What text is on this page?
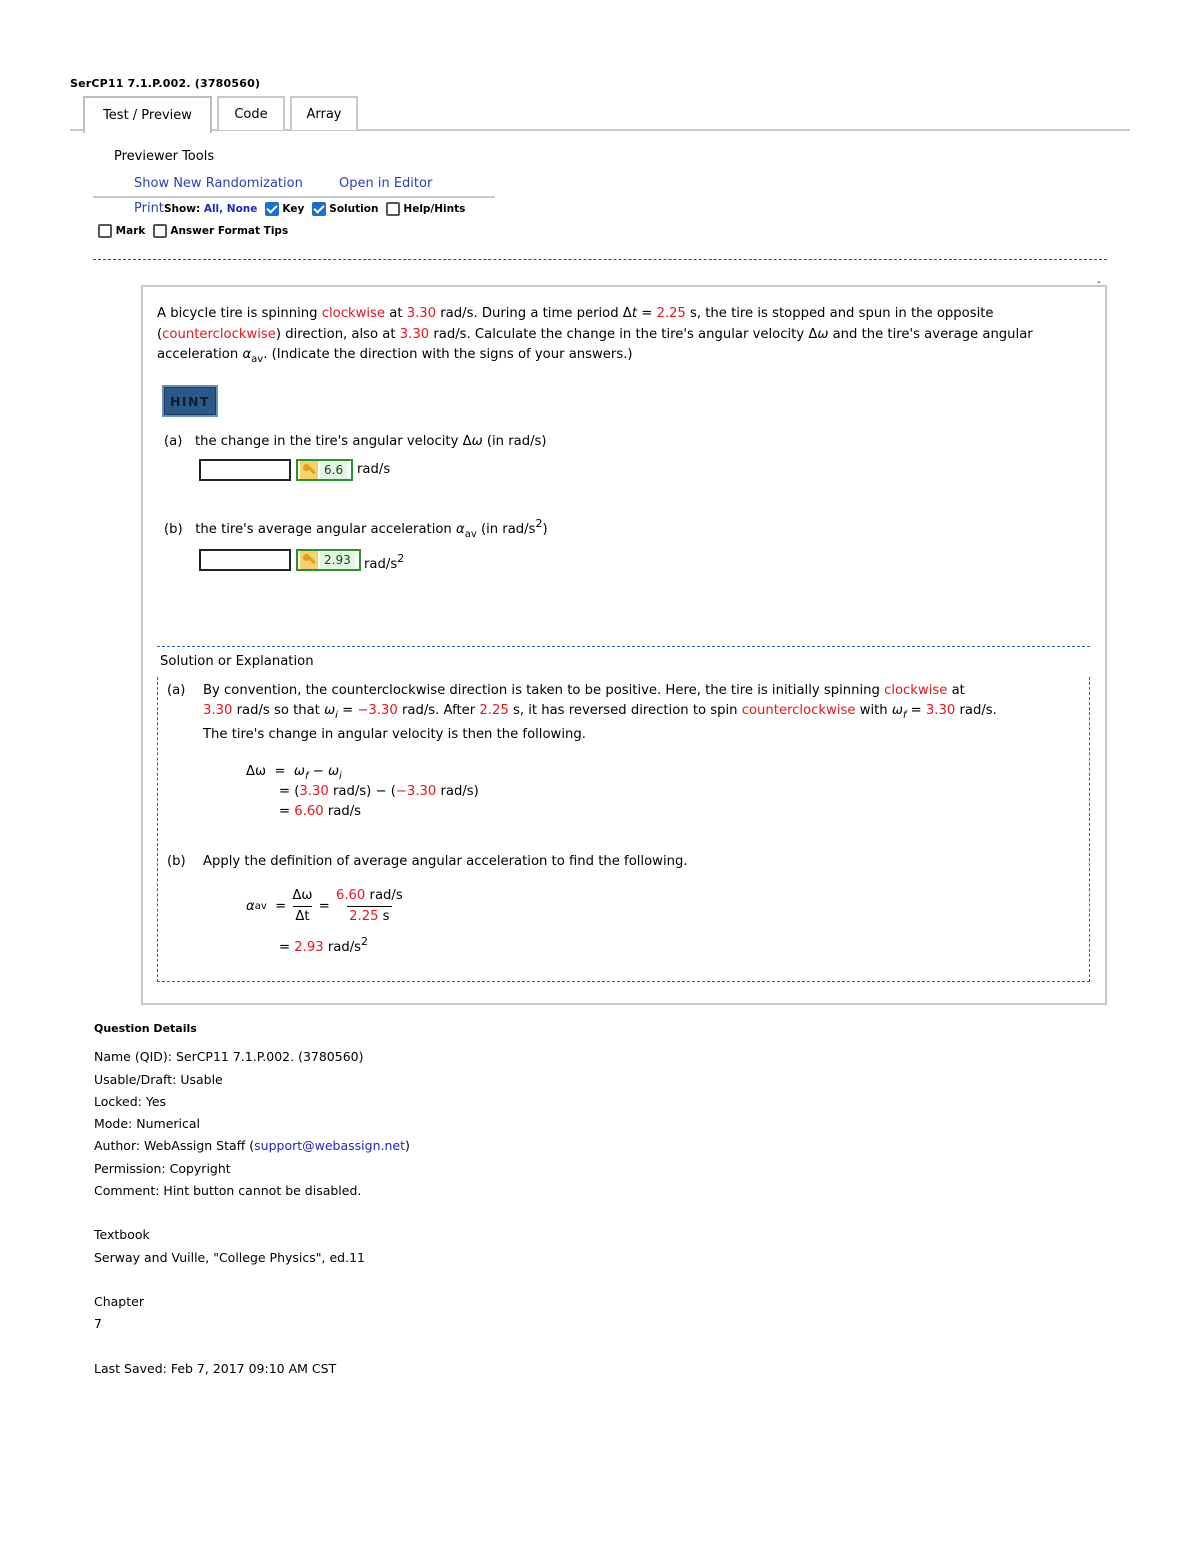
SerCP11 7.1.P.002. (3780560)
Test / Preview	Code	Array
Previewer Tools
Show New Randomization	Open in Editor
Print Show:
All,
None

Key

Solution

Help/Hints

Mark

Answer Format Tips
-
A bicycle tire is spinning clockwise at 3.30 rad/s. During a time period Δt = 2.25 s, the tire is stopped and spun in the opposite (counterclockwise) direction, also at 3.30 rad/s. Calculate the change in the tire's angular velocity Δω and the tire's average angular acceleration $\alpha_{av}$. (Indicate the direction with the signs of your answers.)
HINT
(a) the change in the tire's angular velocity Δω (in rad/s)
6.6	rad/s
(b) the tire's average angular acceleration $\alpha_{av}$ (in rad/$s^2$)
2.93	rad/$s^2$
Solution or Explanation
(a) By convention, the counterclockwise direction is taken to be positive. Here, the tire is initially spinning clockwise at
3.30 rad/s so that $\omega_i = -3.30$ rad/s. After 2.25 s, it has reversed direction to spin counterclockwise with $\omega_f = 3.30$ rad/s.
The tire's change in angular velocity is then the following.
$\Delta\omega = \omega_f - \omega_i$
= (3.30 rad/s) − (−3.30 rad/s)
= 6.60 rad/s
(b) Apply the definition of average angular acceleration to find the following.
α av
=
$\frac{\Delta\omega}{\Delta t}$
=
$\frac{\text{6.60 rad/s}}{2.25 s}$
= 2.93 rad/$s^2$
Question Details
Name (QID): SerCP11 7.1.P.002. (3780560)
Usable/Draft: Usable
Locked: Yes
Mode: Numerical
Author: WebAssign Staff (support@webassign.net)
Permission: Copyright
Comment: Hint button cannot be disabled.
Textbook
Serway and Vuille, "College Physics", ed.11
Chapter
7
Last Saved: Feb 7, 2017 09:10 AM CST
